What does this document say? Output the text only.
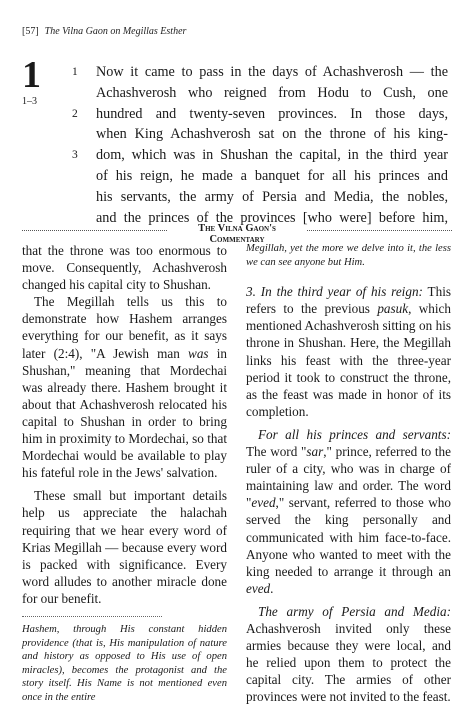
[57] The Vilna Gaon on Megillas Esther
1
1–3
1 Now it came to pass in the days of Achashverosh — the
Achashverosh who reigned from Hodu to Cush, one
2 hundred and twenty-seven provinces. In those days,
when King Achashverosh sat on the throne of his king-
3 dom, which was in Shushan the capital, in the third year
of his reign, he made a banquet for all his princes and
his servants, the army of Persia and Media, the nobles,
and the princes of the provinces [who were] before him,
The Vilna Gaon's Commentary

that the throne was too enormous to move. Consequently, Achashverosh changed his capital city to Shushan.

The Megillah tells us this to demonstrate how Hashem arranges everything for our benefit, as it says later (2:4), "A Jewish man was in Shushan," meaning that Mordechai was already there. Hashem brought it about that Achashverosh relocated his capital to Shushan in order to bring him in proximity to Mordechai, so that Mordechai would be available to play his fateful role in the Jews' salvation.

These small but important details help us appreciate the halachah requiring that we hear every word of Krias Megillah — because every word is packed with significance. Every word alludes to another miracle done for our benefit.

Hashem, through His constant hidden providence (that is, His manipulation of nature and history as opposed to His use of open miracles), becomes the protagonist and the story itself. His Name is not mentioned even once in the entire

Megillah, yet the more we delve into it, the less we can see anyone but Him.

3. In the third year of his reign: This refers to the previous pasuk, which mentioned Achashverosh sitting on his throne in Shushan. Here, the Megillah links his feast with the three-year period it took to construct the throne, as the feast was made in honor of its completion.

For all his princes and servants: The word "sar," prince, referred to the ruler of a city, who was in charge of maintaining law and order. The word "eved," servant, referred to those who served the king personally and communicated with him face-to-face. Anyone who wanted to meet with the king needed to arrange it through an eved.

The army of Persia and Media: Achashverosh invited only these armies because they were local, and he relied upon them to protect the capital city. The armies of other provinces were not invited to the feast.
